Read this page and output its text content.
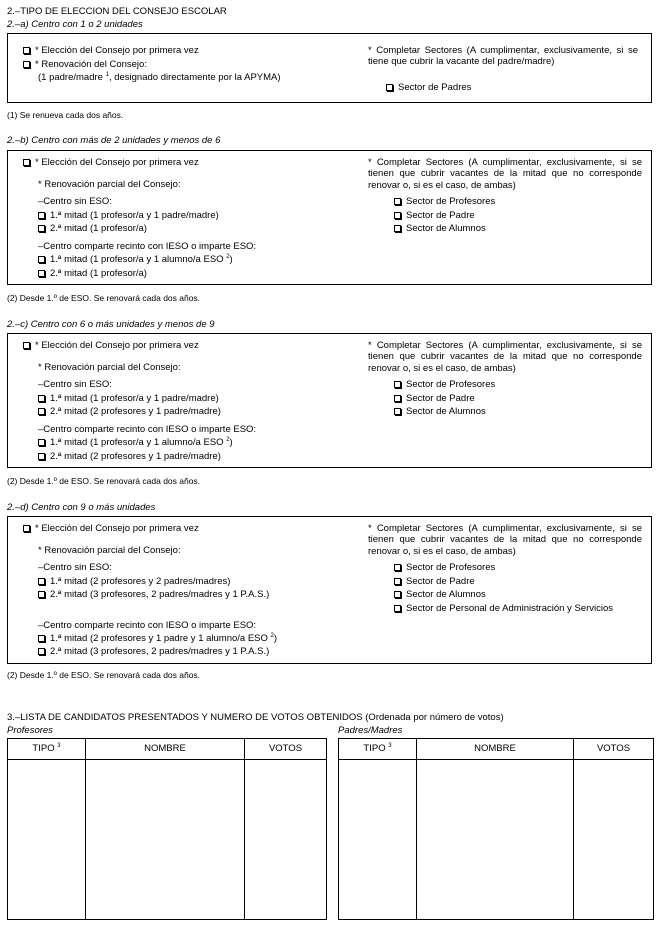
2.–TIPO DE ELECCION DEL CONSEJO ESCOLAR
2.–a) Centro con 1 o 2 unidades
* Elección del Consejo por primera vez
* Renovación del Consejo:
(1 padre/madre $^1$, designado directamente por la APYMA)
* Completar Sectores (A cumplimentar, exclusivamente, si se tiene que cubrir la vacante del padre/madre)
Sector de Padres
(1) Se renueva cada dos años.
2.–b) Centro con más de 2 unidades y menos de 6
* Elección del Consejo por primera vez
* Renovación parcial del Consejo:
–Centro sin ESO:
1.ª mitad (1 profesor/a y 1 padre/madre)
2.ª mitad (1 profesor/a)
–Centro comparte recinto con IESO o imparte ESO:
1.ª mitad (1 profesor/a y 1 alumno/a ESO $^2$)
2.ª mitad (1 profesor/a)
* Completar Sectores (A cumplimentar, exclusivamente, si se tienen que cubrir vacantes de la mitad que no corresponde renovar o, si es el caso, de ambas)
Sector de Profesores
Sector de Padre
Sector de Alumnos
(2) Desde 1.º de ESO. Se renovará cada dos años.
2.–c) Centro con 6 o más unidades y menos de 9
* Elección del Consejo por primera vez
* Renovación parcial del Consejo:
–Centro sin ESO:
1.ª mitad (1 profesor/a y 1 padre/madre)
2.ª mitad (2 profesores y 1 padre/madre)
–Centro comparte recinto con IESO o imparte ESO:
1.ª mitad (1 profesor/a y 1 alumno/a ESO $^2$)
2.ª mitad (2 profesores y 1 padre/madre)
* Completar Sectores (A cumplimentar, exclusivamente, si se tienen que cubrir vacantes de la mitad que no corresponde renovar o, si es el caso, de ambas)
Sector de Profesores
Sector de Padre
Sector de Alumnos
(2) Desde 1.º de ESO. Se renovará cada dos años.
2.–d) Centro con 9 o más unidades
* Elección del Consejo por primera vez
* Renovación parcial del Consejo:
–Centro sin ESO:
1.ª mitad (2 profesores y 2 padres/madres)
2.ª mitad (3 profesores, 2 padres/madres y 1 P.A.S.)
–Centro comparte recinto con IESO o imparte ESO:
1.ª mitad (2 profesores y 1 padre y 1 alumno/a ESO $^2$)
2.ª mitad (3 profesores, 2 padres/madres y 1 P.A.S.)
* Completar Sectores (A cumplimentar, exclusivamente, si se tienen que cubrir vacantes de la mitad que no corresponde renovar o, si es el caso, de ambas)
Sector de Profesores
Sector de Padre
Sector de Alumnos
Sector de Personal de Administración y Servicios
(2) Desde 1.º de ESO. Se renovará cada dos años.
3.–LISTA DE CANDIDATOS PRESENTADOS Y NUMERO DE VOTOS OBTENIDOS (Ordenada por número de votos)
Profesores	Padres/Madres
TIPO $^3$	NOMBRE	VOTOS
			TIPO $^3$	NOMBRE	VOTOS
